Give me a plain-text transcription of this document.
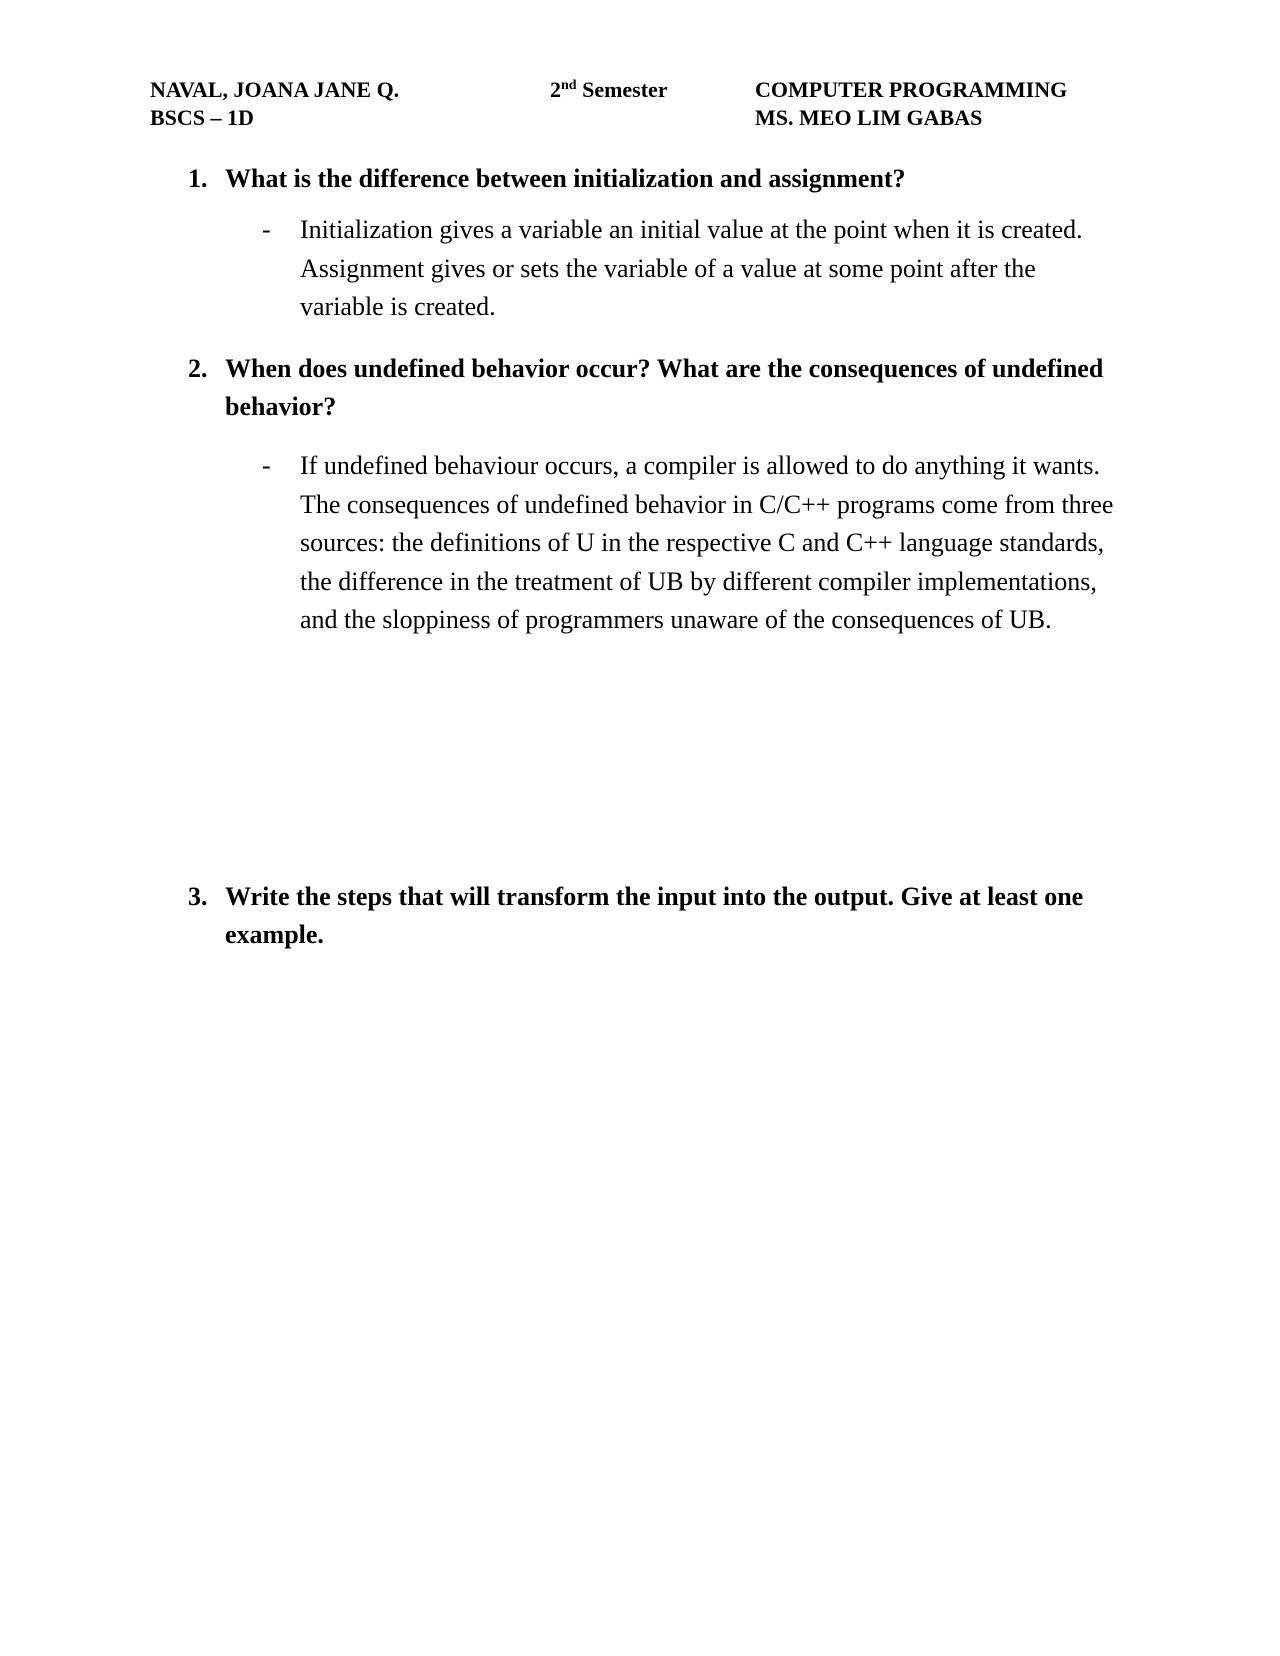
NAVAL, JOANA JANE Q.
BSCS – 1D
2nd Semester	COMPUTER PROGRAMMING
MS. MEO LIM GABAS
1. What is the difference between initialization and assignment?
- Initialization gives a variable an initial value at the point when it is created. Assignment gives or sets the variable of a value at some point after the variable is created.
2. When does undefined behavior occur? What are the consequences of undefined behavior?
- If undefined behaviour occurs, a compiler is allowed to do anything it wants. The consequences of undefined behavior in C/C++ programs come from three sources: the definitions of U in the respective C and C++ language standards, the difference in the treatment of UB by different compiler implementations, and the sloppiness of programmers unaware of the consequences of UB.
3. Write the steps that will transform the input into the output. Give at least one example.
